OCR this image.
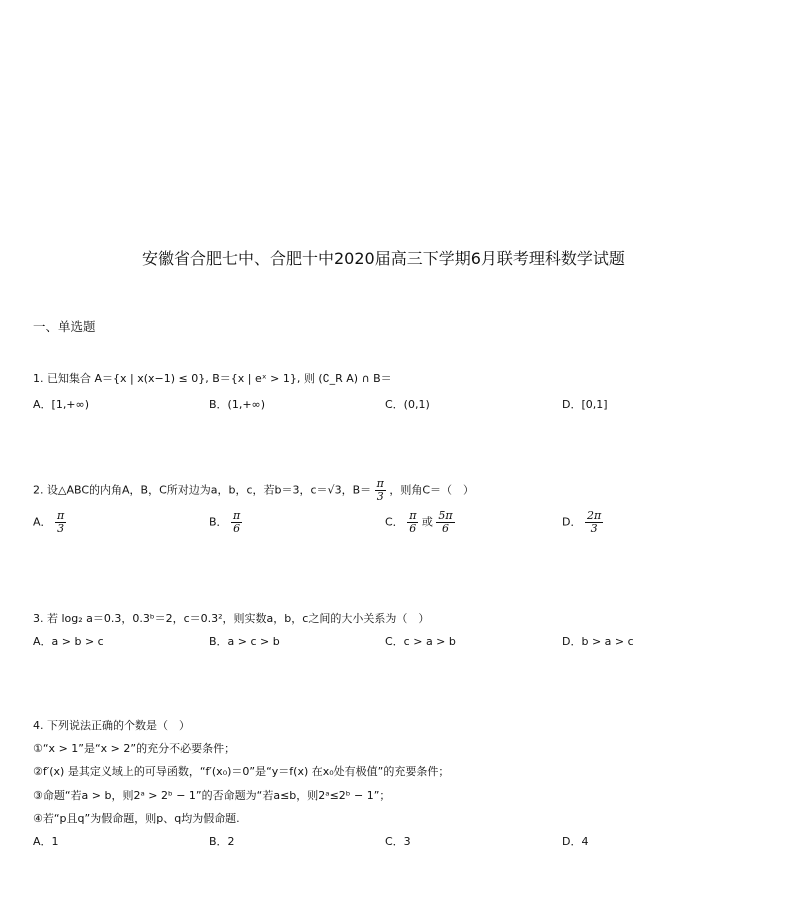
安徽省合肥七中、合肥十中2020届高三下学期6月联考理科数学试题
一、单选题
1. 已知集合 A＝{x | x(x−1) ≤ 0}, B＝{x | eˣ > 1}, 则 (∁_R A) ∩ B＝
A．[1,+∞)	B．(1,+∞)	C．(0,1)	D．[0,1]
2. 设△ABC的内角A，B，C所对边为a，b，c，若b＝3，c＝√3，$B= \frac{\pi}{3}$ ，则角C＝（　）
A． $\frac{\pi}{3}$	B． $\frac{\pi}{6}$	C． $\frac{\pi}{6}$ 或 $\frac{5\pi}{6}$	D． $\frac{2\pi}{3}$
3. 若 log₂ a＝0.3，0.3ᵇ＝2，c＝0.3²，则实数a，b，c之间的大小关系为（　）
A．a > b > c	B．a > c > b	C．c > a > b	D．b > a > c
4. 下列说法正确的个数是（　）
①“x > 1”是“x > 2”的充分不必要条件；
②f′(x) 是其定义域上的可导函数，“f′(x₀)＝0”是“y＝f(x) 在x₀处有极值”的充要条件；
③命题“若a > b，则2ᵃ > 2ᵇ − 1”的否命题为“若a≤b，则2ᵃ≤2ᵇ − 1”；
④若“p且q”为假命题，则p、q均为假命题.
A．1	B．2	C．3	D．4
